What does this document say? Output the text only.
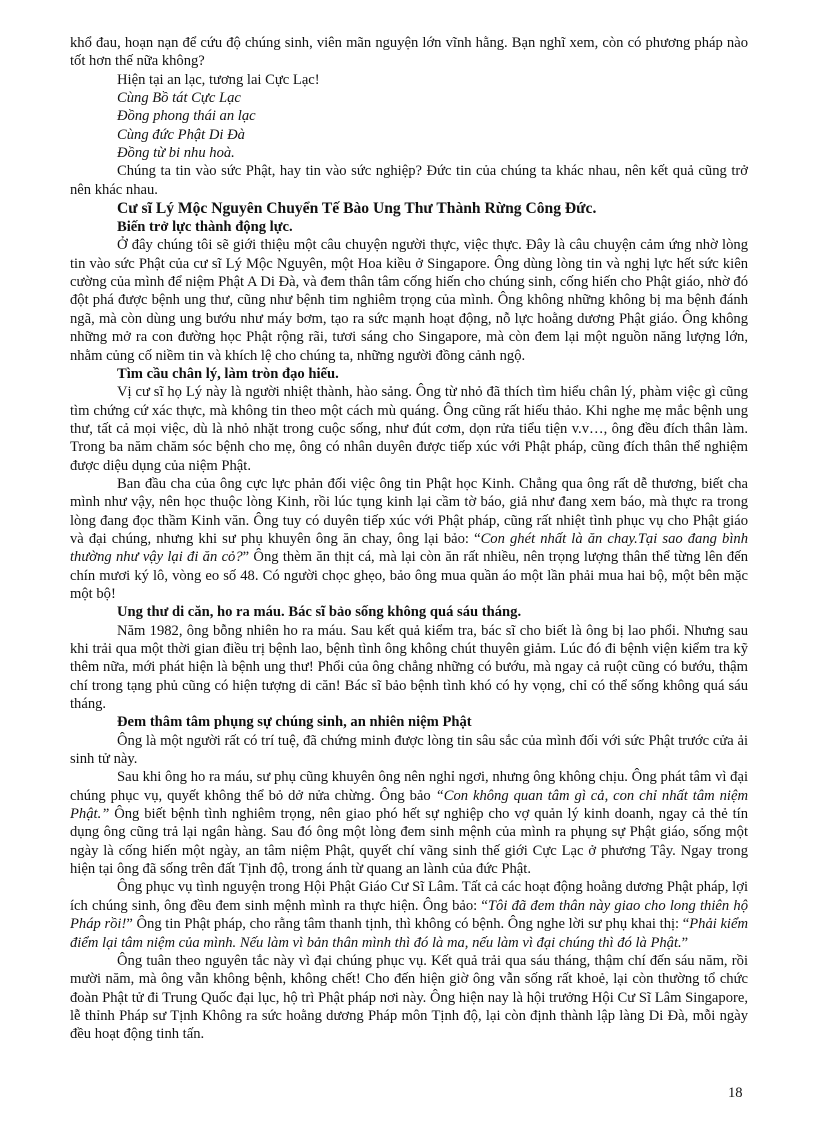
khổ đau, hoạn nạn để cứu độ chúng sinh, viên mãn nguyện lớn vĩnh hằng. Bạn nghĩ xem, còn có phương pháp nào tốt hơn thế nữa không?

Hiện tại an lạc, tương lai Cực Lạc!

Cùng Bồ tát Cực Lạc

Đồng phong thái an lạc

Cùng đức Phật Di Đà

Đồng từ bi nhu hoà.

Chúng ta tin vào sức Phật, hay tin vào sức nghiệp? Đức tin của chúng ta khác nhau, nên kết quả cũng trở nên khác nhau.

Cư sĩ Lý Mộc Nguyên Chuyển Tế Bào Ung Thư Thành Rừng Công Đức.

Biến trở lực thành động lực.

Ở đây chúng tôi sẽ giới thiệu một câu chuyện người thực, việc thực. Đây là câu chuyện cảm ứng nhờ lòng tin vào sức Phật của cư sĩ Lý Mộc Nguyên, một Hoa kiều ở Singapore. Ông dùng lòng tin và nghị lực hết sức kiên cường của mình để niệm Phật A Di Đà, và đem thân tâm cống hiến cho chúng sinh, cống hiến cho Phật giáo, nhờ đó đột phá được bệnh ung thư, cũng như bệnh tim nghiêm trọng của mình. Ông không những không bị ma bệnh đánh ngã, mà còn dùng ung bướu như máy bơm, tạo ra sức mạnh hoạt động, nỗ lực hoằng dương Phật giáo. Ông không những mở ra con đường học Phật rộng rãi, tươi sáng cho Singapore, mà còn đem lại một nguồn năng lượng lớn, nhằm củng cố niềm tin và khích lệ cho chúng ta, những người đồng cảnh ngộ.

Tìm cầu chân lý, làm tròn đạo hiếu.

Vị cư sĩ họ Lý này là người nhiệt thành, hào sảng. Ông từ nhỏ đã thích tìm hiểu chân lý, phàm việc gì cũng tìm chứng cứ xác thực, mà không tin theo một cách mù quáng. Ông cũng rất hiếu thảo. Khi nghe mẹ mắc bệnh ung thư, tất cả mọi việc, dù là nhỏ nhặt trong cuộc sống, như đút cơm, dọn rửa tiểu tiện v.v…, ông đều đích thân làm. Trong ba năm chăm sóc bệnh cho mẹ, ông có nhân duyên được tiếp xúc với Phật pháp, cũng đích thân thể nghiệm được diệu dụng của niệm Phật.

Ban đầu cha của ông cực lực phản đối việc ông tin Phật học Kinh. Chẳng qua ông rất dễ thương, biết cha mình như vậy, nên học thuộc lòng Kinh, rồi lúc tụng kinh lại cầm tờ báo, giả như đang xem báo, mà thực ra trong lòng đang đọc thầm Kinh văn. Ông tuy có duyên tiếp xúc với Phật pháp, cũng rất nhiệt tình phục vụ cho Phật giáo và đại chúng, nhưng khi sư phụ khuyên ông ăn chay, ông lại bảo: “Con ghét nhất là ăn chay.Tại sao đang bình thường như vậy lại đi ăn cỏ?” Ông thèm ăn thịt cá, mà lại còn ăn rất nhiều, nên trọng lượng thân thể từng lên đến chín mươi ký lô, vòng eo số 48. Có người chọc ghẹo, bảo ông mua quần áo một lần phải mua hai bộ, một bên mặc một bộ!

Ung thư di căn, ho ra máu. Bác sĩ bảo sống không quá sáu tháng.

Năm 1982, ông bỗng nhiên ho ra máu. Sau kết quả kiểm tra, bác sĩ cho biết là ông bị lao phổi. Nhưng sau khi trải qua một thời gian điều trị bệnh lao, bệnh tình ông không chút thuyên giảm. Lúc đó đi bệnh viện kiểm tra kỹ thêm nữa, mới phát hiện là bệnh ung thư! Phổi của ông chẳng những có bướu, mà ngay cả ruột cũng có bướu, thậm chí trong tạng phủ cũng có hiện tượng di căn! Bác sĩ bảo bệnh tình khó có hy vọng, chỉ có thể sống không quá sáu tháng.

Đem thâm tâm phụng sự chúng sinh, an nhiên niệm Phật

Ông là một người rất có trí tuệ, đã chứng minh được lòng tin sâu sắc của mình đối với sức Phật trước cửa ải sinh tử này.

Sau khi ông ho ra máu, sư phụ cũng khuyên ông nên nghỉ ngơi, nhưng ông không chịu. Ông phát tâm vì đại chúng phục vụ, quyết không thể bỏ dở nửa chừng. Ông bảo “Con không quan tâm gì cả, con chỉ nhất tâm niệm Phật.” Ông biết bệnh tình nghiêm trọng, nên giao phó hết sự nghiệp cho vợ quản lý kinh doanh, ngay cả thẻ tín dụng ông cũng trả lại ngân hàng. Sau đó ông một lòng đem sinh mệnh của mình ra phụng sự Phật giáo, sống một ngày là cống hiến một ngày, an tâm niệm Phật, quyết chí vãng sinh thế giới Cực Lạc ở phương Tây. Ngay trong hiện tại ông đã sống trên đất Tịnh độ, trong ánh từ quang an lành của đức Phật.

Ông phục vụ tình nguyện trong Hội Phật Giáo Cư Sĩ Lâm. Tất cả các hoạt động hoằng dương Phật pháp, lợi ích chúng sinh, ông đều đem sinh mệnh mình ra thực hiện. Ông bảo: “Tôi đã đem thân này giao cho long thiên hộ Pháp rồi!” Ông tin Phật pháp, cho rằng tâm thanh tịnh, thì không có bệnh. Ông nghe lời sư phụ khai thị: “Phải kiểm điểm lại tâm niệm của mình. Nếu làm vì bản thân mình thì đó là ma, nếu làm vì đại chúng thì đó là Phật.”

Ông tuân theo nguyên tắc này vì đại chúng phục vụ. Kết quả trải qua sáu tháng, thậm chí đến sáu năm, rồi mười năm, mà ông vẫn không bệnh, không chết! Cho đến hiện giờ ông vẫn sống rất khoẻ, lại còn thường tổ chức đoàn Phật tử đi Trung Quốc đại lục, hộ trì Phật pháp nơi này. Ông hiện nay là hội trưởng Hội Cư Sĩ Lâm Singapore, lễ thỉnh Pháp sư Tịnh Không ra sức hoằng dương Pháp môn Tịnh độ, lại còn định thành lập làng Di Đà, mỗi ngày đều hoạt động tinh tấn.

18
